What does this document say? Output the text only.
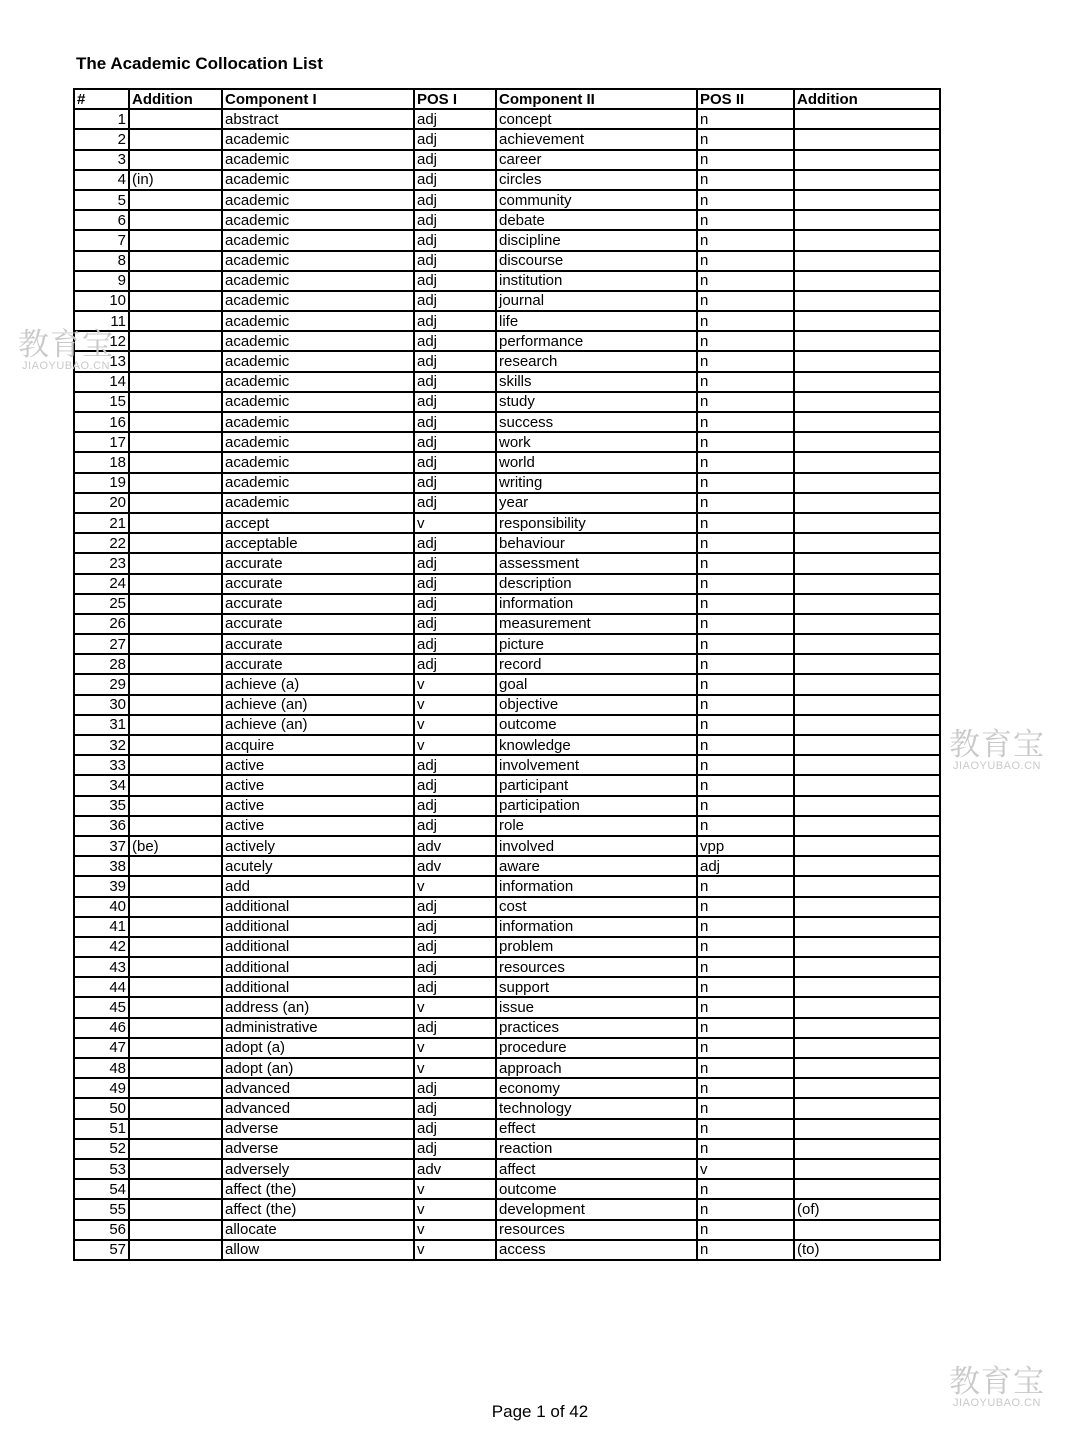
The Academic Collocation List
#	Addition	Component I	POS I	Component II	POS II	Addition
1		abstract	adj	concept	n	
2		academic	adj	achievement	n	
3		academic	adj	career	n	
4	(in)	academic	adj	circles	n	
5		academic	adj	community	n	
6		academic	adj	debate	n	
7		academic	adj	discipline	n	
8		academic	adj	discourse	n	
9		academic	adj	institution	n	
10		academic	adj	journal	n	
11		academic	adj	life	n	
12		academic	adj	performance	n	
13		academic	adj	research	n	
14		academic	adj	skills	n	
15		academic	adj	study	n	
16		academic	adj	success	n	
17		academic	adj	work	n	
18		academic	adj	world	n	
19		academic	adj	writing	n	
20		academic	adj	year	n	
21		accept	v	responsibility	n	
22		acceptable	adj	behaviour	n	
23		accurate	adj	assessment	n	
24		accurate	adj	description	n	
25		accurate	adj	information	n	
26		accurate	adj	measurement	n	
27		accurate	adj	picture	n	
28		accurate	adj	record	n	
29		achieve (a)	v	goal	n	
30		achieve (an)	v	objective	n	
31		achieve (an)	v	outcome	n	
32		acquire	v	knowledge	n	
33		active	adj	involvement	n	
34		active	adj	participant	n	
35		active	adj	participation	n	
36		active	adj	role	n	
37	(be)	actively	adv	involved	vpp	
38		acutely	adv	aware	adj	
39		add	v	information	n	
40		additional	adj	cost	n	
41		additional	adj	information	n	
42		additional	adj	problem	n	
43		additional	adj	resources	n	
44		additional	adj	support	n	
45		address (an)	v	issue	n	
46		administrative	adj	practices	n	
47		adopt (a)	v	procedure	n	
48		adopt (an)	v	approach	n	
49		advanced	adj	economy	n	
50		advanced	adj	technology	n	
51		adverse	adj	effect	n	
52		adverse	adj	reaction	n	
53		adversely	adv	affect	v	
54		affect (the)	v	outcome	n	
55		affect (the)	v	development	n	(of)
56		allocate	v	resources	n	
57		allow	v	access	n	(to)
Page 1 of 42
教育宝
JIAOYUBAO.CN
教育宝
JIAOYUBAO.CN
教育宝
JIAOYUBAO.CN
